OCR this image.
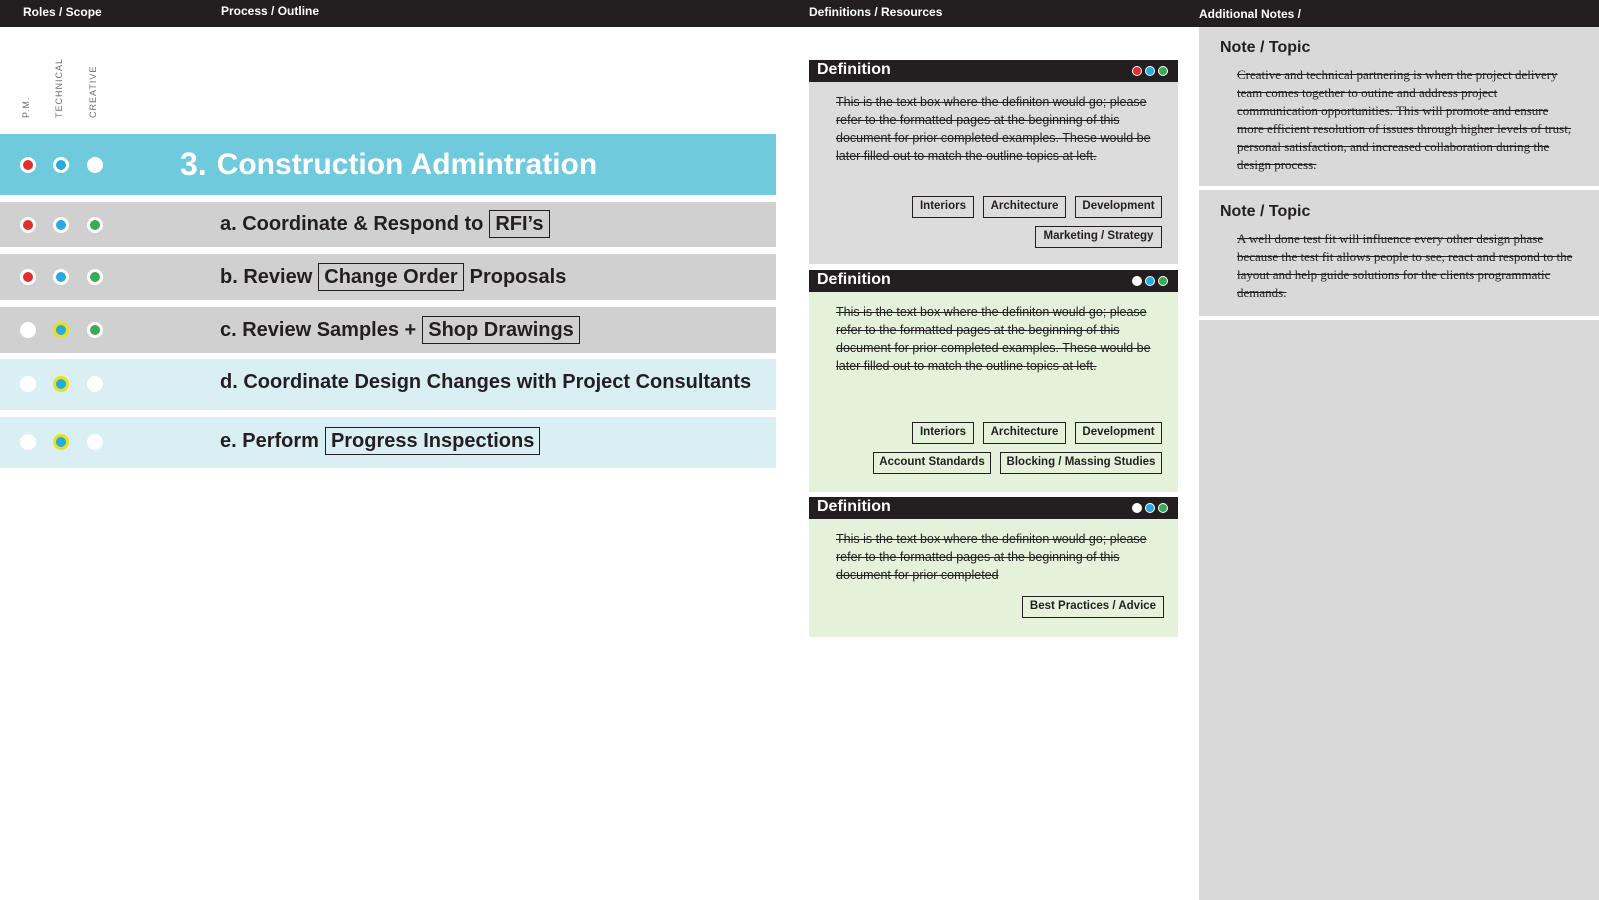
Roles / Scope	Process / Outline	Definitions / Resources	Additional Notes /
P.M.	TECHNICAL	CREATIVE
3. Construction Admintration
a. Coordinate & Respond to RFI’s
b. Review Change Order Proposals
c. Review Samples + Shop Drawings
d. Coordinate Design Changes with Project Consultants
e. Perform Progress Inspections
Definition
This is the text box where the definiton would go; please refer to the formatted pages at the beginning of this document for prior completed examples. These would be later filled out to match the outline topics at left.
Interiors	Architecture	Development
Marketing / Strategy
Definition
This is the text box where the definiton would go; please refer to the formatted pages at the beginning of this document for prior completed examples. These would be later filled out to match the outline topics at left.
Interiors	Architecture	Development
Account Standards	Blocking / Massing Studies
Definition
This is the text box where the definiton would go; please refer to the formatted pages at the beginning of this document for prior completed
Best Practices / Advice
Note / Topic
Creative and technical partnering is when the project delivery team comes together to outine and address project communication opportunities. This will promote and ensure more efficient resolution of issues through higher levels of trust, personal satisfaction, and increased collaboration during the design process.
Note / Topic
A well done test fit will influence every other design phase because the test fit allows people to see, react and respond to the layout and help guide solutions for the clients programmatic demands.
